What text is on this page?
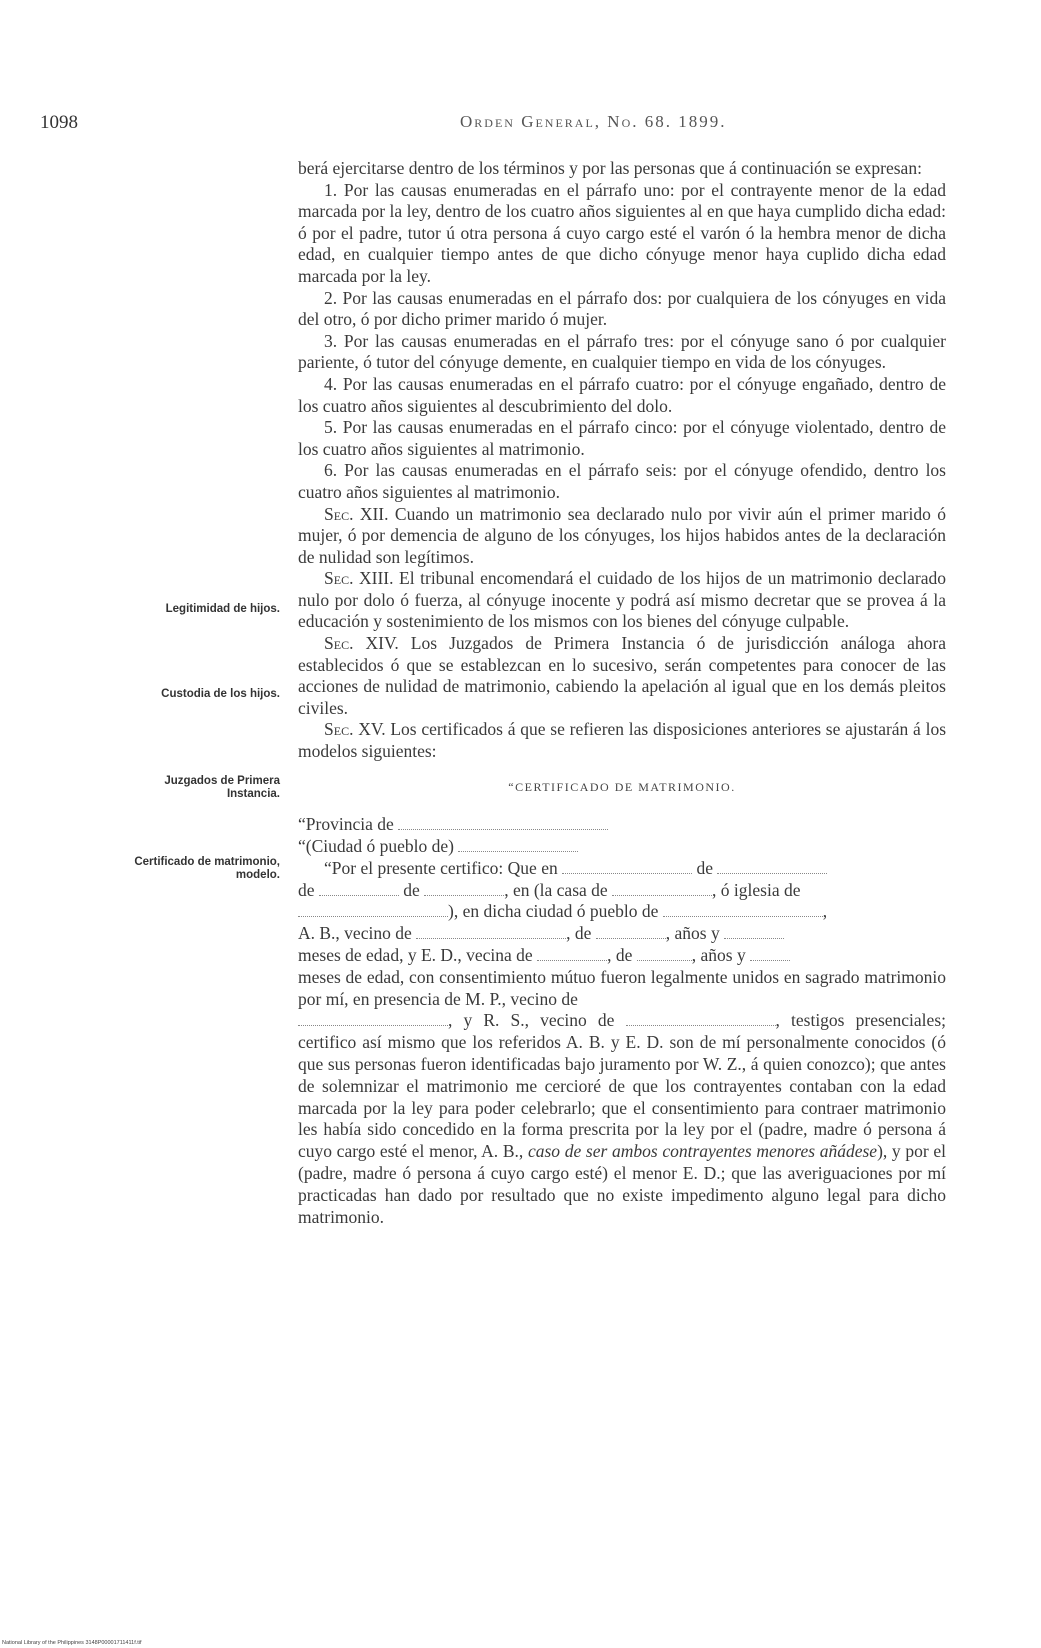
1098	Orden General, No. 68. 1899.
Legitimidad de hijos.
Custodia de los hijos.
Juzgados de Primera Instancia.
Certificado de matrimonio, modelo.

berá ejercitarse dentro de los términos y por las personas que á continuación se expresan:

1. Por las causas enumeradas en el párrafo uno: por el contrayente menor de la edad marcada por la ley, dentro de los cuatro años siguientes al en que haya cumplido dicha edad: ó por el padre, tutor ú otra persona á cuyo cargo esté el varón ó la hembra menor de dicha edad, en cualquier tiempo antes de que dicho cónyuge menor haya cuplido dicha edad marcada por la ley.

2. Por las causas enumeradas en el párrafo dos: por cualquiera de los cónyuges en vida del otro, ó por dicho primer marido ó mujer.

3. Por las causas enumeradas en el párrafo tres: por el cónyuge sano ó por cualquier pariente, ó tutor del cónyuge demente, en cualquier tiempo en vida de los cónyuges.

4. Por las causas enumeradas en el párrafo cuatro: por el cónyuge engañado, dentro de los cuatro años siguientes al descubrimiento del dolo.

5. Por las causas enumeradas en el párrafo cinco: por el cónyuge violentado, dentro de los cuatro años siguientes al matrimonio.

6. Por las causas enumeradas en el párrafo seis: por el cónyuge ofendido, dentro los cuatro años siguientes al matrimonio.

Sec. XII. Cuando un matrimonio sea declarado nulo por vivir aún el primer marido ó mujer, ó por demencia de alguno de los cónyuges, los hijos habidos antes de la declaración de nulidad son legítimos.

Sec. XIII. El tribunal encomendará el cuidado de los hijos de un matrimonio declarado nulo por dolo ó fuerza, al cónyuge inocente y podrá así mismo decretar que se provea á la educación y sostenimiento de los mismos con los bienes del cónyuge culpable.

Sec. XIV. Los Juzgados de Primera Instancia ó de jurisdicción análoga ahora establecidos ó que se establezcan en lo sucesivo, serán competentes para conocer de las acciones de nulidad de matrimonio, cabiendo la apelación al igual que en los demás pleitos civiles.

Sec. XV. Los certificados á que se refieren las disposiciones anteriores se ajustarán á los modelos siguientes:

“CERTIFICADO DE MATRIMONIO.

“Provincia de

“(Ciudad ó pueblo de)

“Por el presente certifico: Que en	de

de	de	, en (la casa de	, ó iglesia de

), en dicha ciudad ó pueblo de	,

A. B., vecino de	, de	, años y

meses de edad, y E. D., vecina de	, de	, años y

meses de edad, con consentimiento mútuo fueron legalmente unidos en sagrado matrimonio por mí, en presencia de M. P., vecino de

, y R. S., vecino de	, testigos presenciales; certifico así mismo que los referidos A. B. y E. D. son de mí personalmente conocidos (ó que sus personas fueron identificadas bajo juramento por W. Z., á quien conozco); que antes de solemnizar el matrimonio me cercioré de que los contrayentes contaban con la edad marcada por la ley para poder celebrarlo; que el consentimiento para contraer matrimonio les había sido concedido en la forma prescrita por la ley por el (padre, madre ó persona á cuyo cargo esté el menor, A. B., caso de ser ambos contrayentes menores añádese), y por el (padre, madre ó persona á cuyo cargo esté) el menor E. D.; que las averiguaciones por mí practicadas han dado por resultado que no existe impedimento alguno legal para dicho matrimonio.

National Library of the Philippines 3148P00001711411f.tif
